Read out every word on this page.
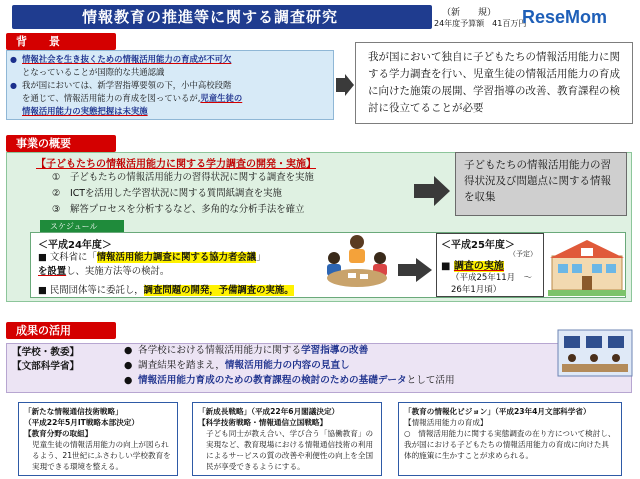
情報教育の推進等に関する調査研究	（新　　規）
24年度予算額　41百万円
ReseMom
背　　景
● 情報社会を生き抜くための情報活用能力の育成が不可欠
となっていることが国際的な共通認識
● 我が国においては、新学習指導要領の下，小中高校段階
を通じて、情報活用能力の育成を図っているが,児童生徒の
情報活用能力の実態把握は未実施
我が国において独自に子どもたちの情報活用能力に関する学力調査を行い、児童生徒の情報活用能力の育成に向けた施策の展開、学習指導の改善、教育課程の検討に役立てることが必要
事業の概要
【子どもたちの情報活用能力に関する学力調査の開発・実施】
① 子どもたちの情報活用能力の習得状況に関する調査を実施
② ICTを活用した学習状況に関する質問紙調査を実施
③ 解答プロセスを分析するなど、多角的な分析手法を確立
子どもたちの情報活用能力の習得状況及び問題点に関する情報を収集
スケジュール
＜平成24年度＞
■ 文科省に「情報活用能力調査に関する協力者会議」
を設置し、実施方法等の検討。
■ 民間団体等に委託し，調査問題の開発，予備調査の実施。
＜平成25年度＞
（予定）
■ 調査の実施
（平成25年11月　〜26年1月頃）
成果の活用
【学校・教委】
【文部科学省】
● 各学校における情報活用能力に関する学習指導の改善
● 調査結果を踏まえ，情報活用能力の内容の見直し
● 情報活用能力育成のための教育課程の検討のための基礎データとして活用
「新たな情報通信技術戦略」
（平成22年5月IT戦略本部決定）
【教育分野の取組】
児童生徒の情報活用能力の向上が図られるよう、21世紀にふさわしい学校教育を実現できる環境を整える。
「新成長戦略」（平成22年6月閣議決定）
【科学技術戦略・情報通信立国戦略】
子ども同士が教え合い、学び合う「協働教育」の実現など、教育現場における情報通信技術の利用によるサービスの質の改善や利便性の向上を全国民が享受できるようにする。
「教育の情報化ビジョン」（平成23年4月文部科学省）
【情報活用能力の育成】
○　情報活用能力に関する実態調査の在り方について検討し、我が国における子どもたちの情報活用能力の育成に向けた具体的施策に生かすことが求められる。
